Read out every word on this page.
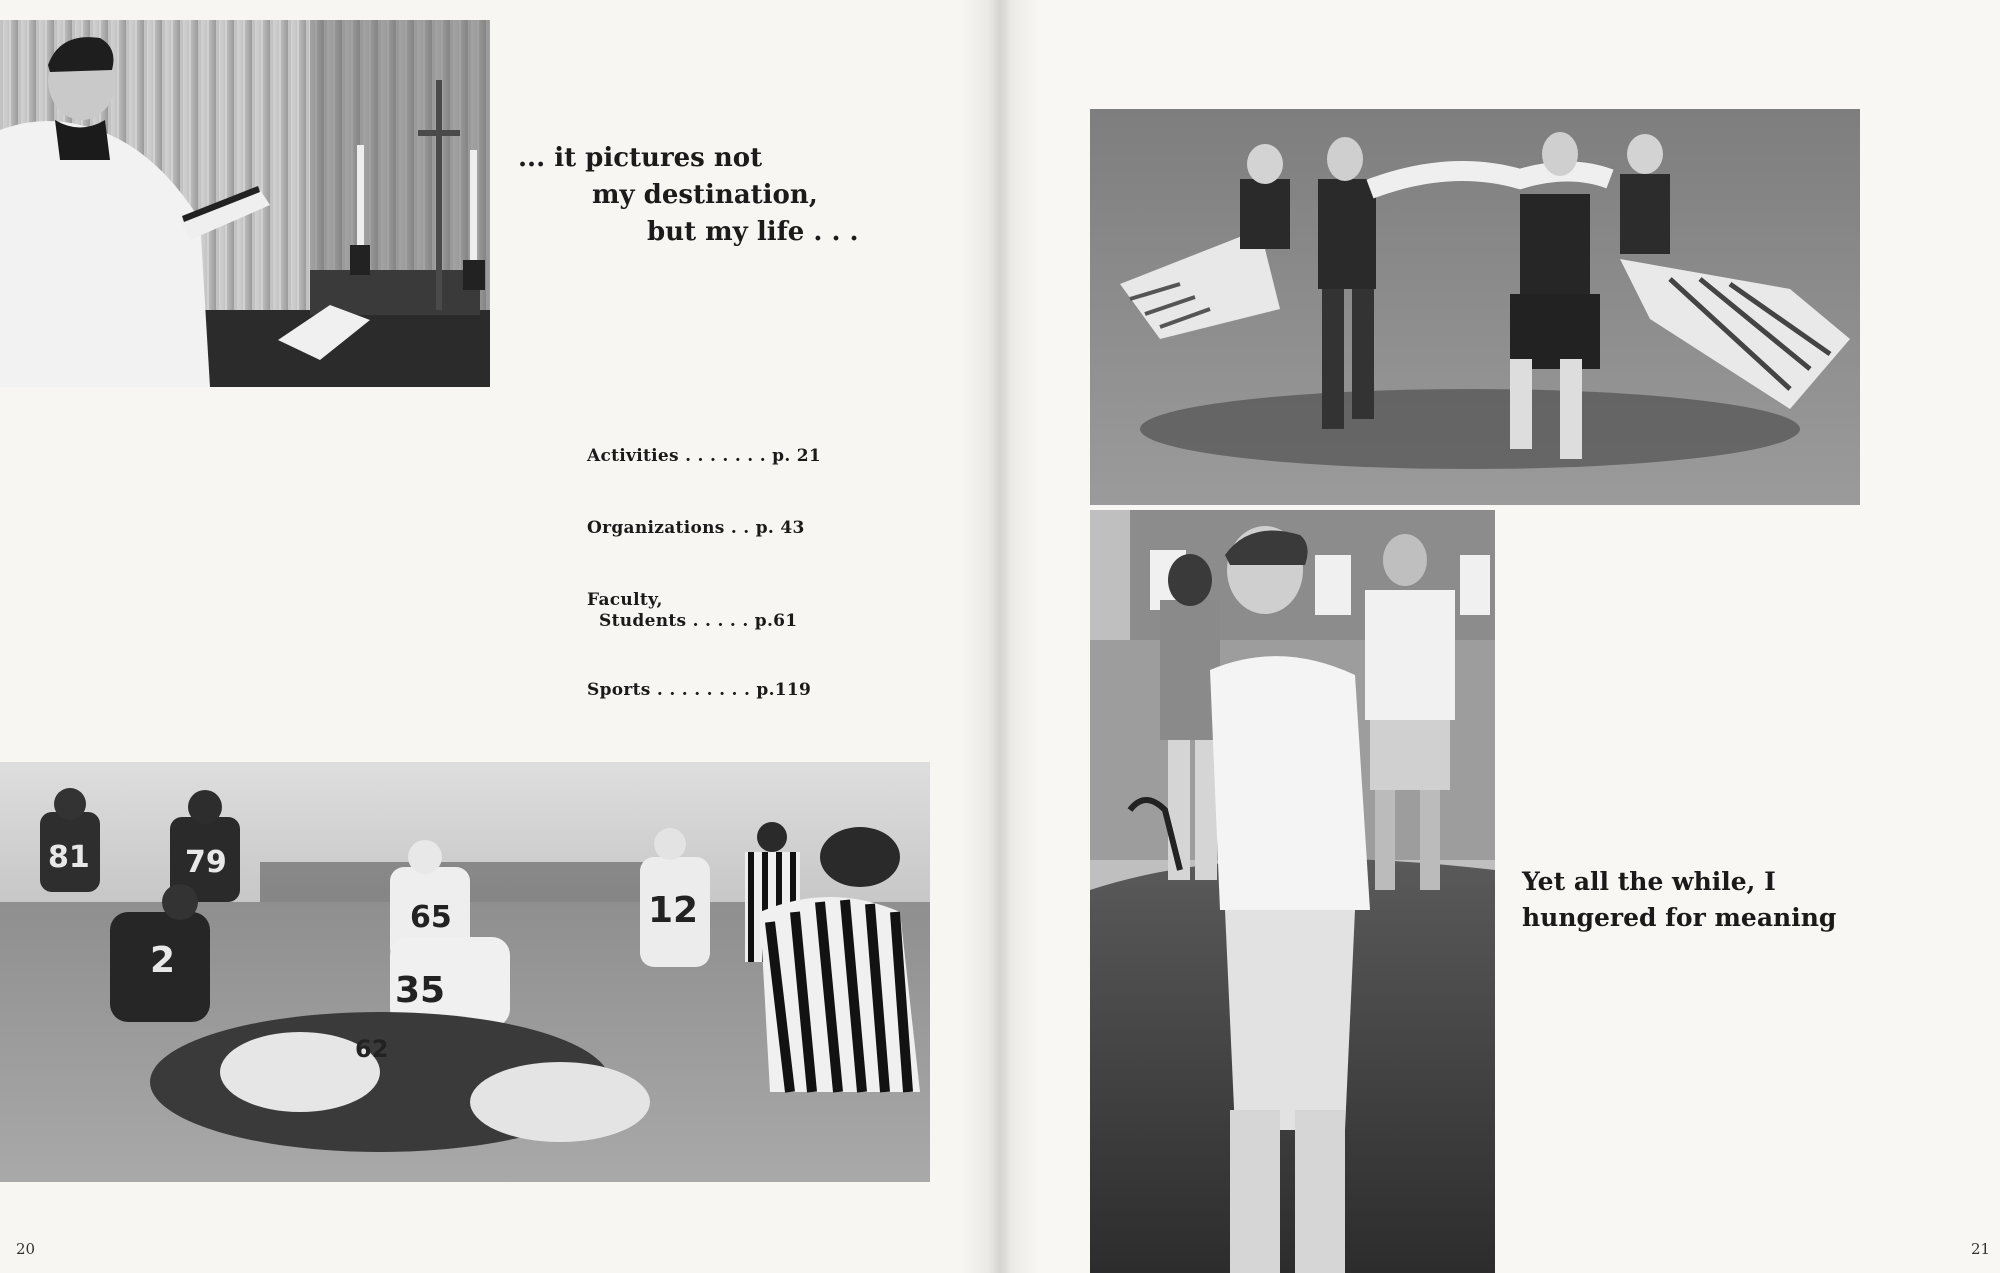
... it pictures not
my destination,
but my life . . .
Activities . . . . . . . p. 21
Organizations . . p. 43
Faculty,
Students . . . . . p.61
Sports . . . . . . . . p.119
81	79
2
65
35
12
62
20
Yet all the while, I
hungered for meaning
21
